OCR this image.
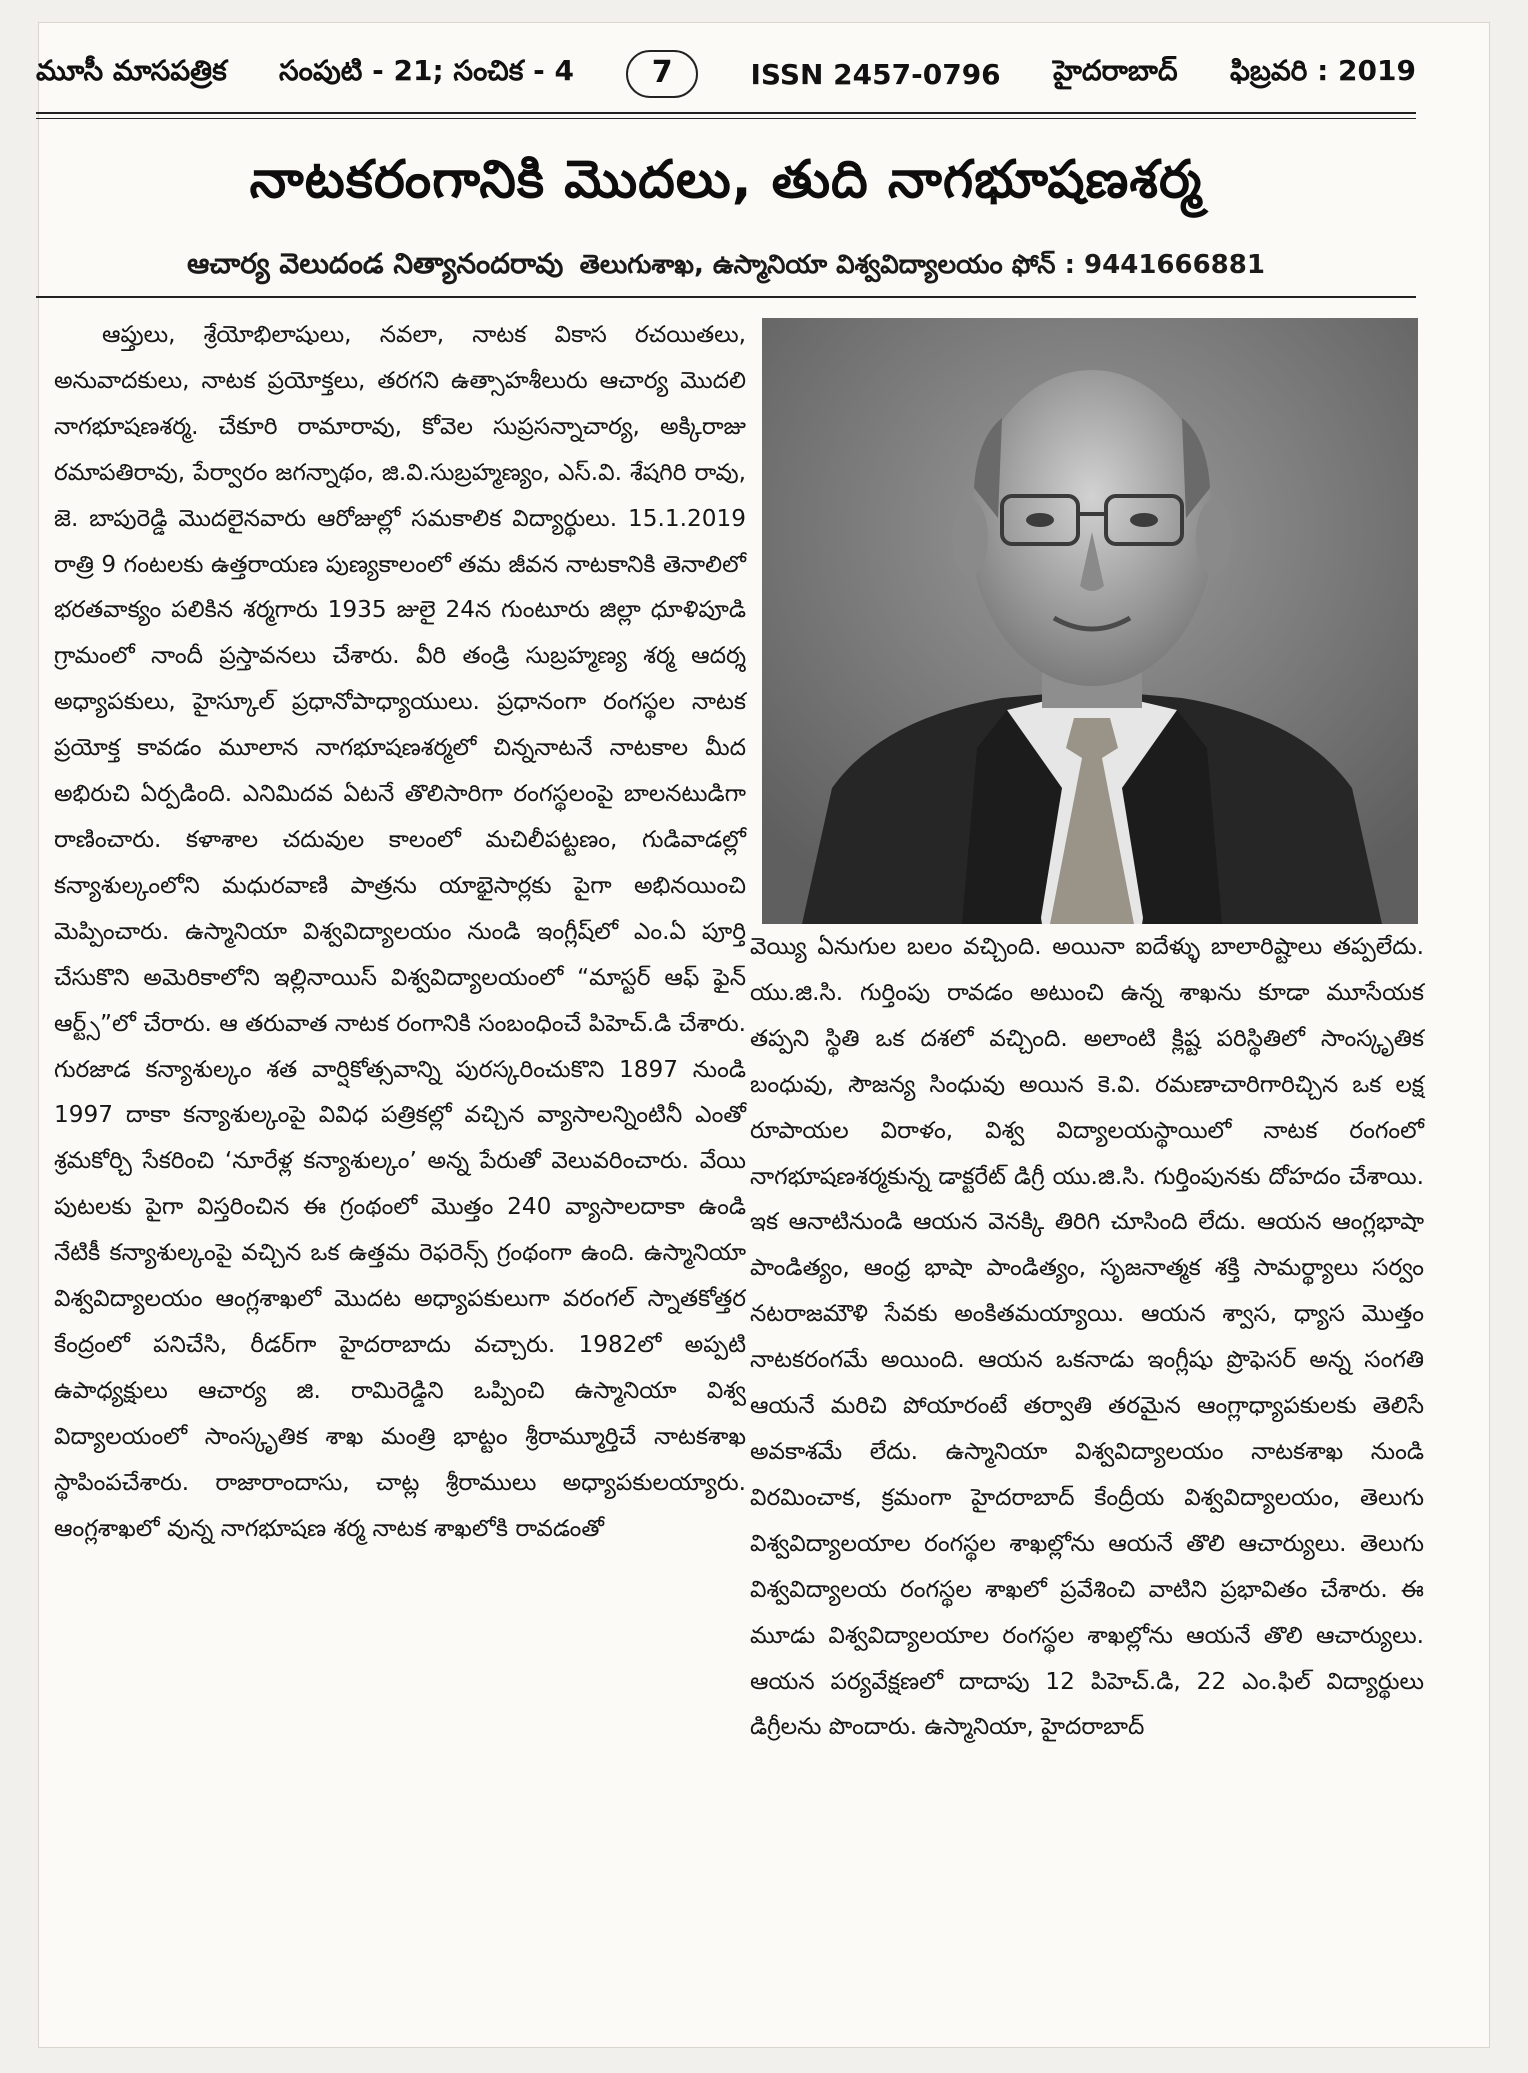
మూసీ మాసపత్రిక సంపుటి - 21; సంచిక - 4	7	ISSN 2457-0796 హైదరాబాద్ ఫిబ్రవరి : 2019
నాటకరంగానికి మొదలు, తుది నాగభూషణశర్మ
ఆచార్య వెలుదండ నిత్యానందరావు తెలుగుశాఖ, ఉస్మానియా విశ్వవిద్యాలయం ఫోన్ : 9441666881

ఆప్తులు, శ్రేయోభిలాషులు, నవలా, నాటక వికాస రచయితలు, అనువాదకులు, నాటక ప్రయోక్తలు, తరగని ఉత్సాహశీలురు ఆచార్య మొదలి నాగభూషణశర్మ. చేకూరి రామారావు, కోవెల సుప్రసన్నాచార్య, అక్కిరాజు రమాపతిరావు, పేర్వారం జగన్నాథం, జి.వి.సుబ్రహ్మణ్యం, ఎస్.వి. శేషగిరి రావు, జె. బాపురెడ్డి మొదలైనవారు ఆరోజుల్లో సమకాలిక విద్యార్థులు. 15.1.2019 రాత్రి 9 గంటలకు ఉత్తరాయణ పుణ్యకాలంలో తమ జీవన నాటకానికి తెనాలిలో భరతవాక్యం పలికిన శర్మగారు 1935 జులై 24న గుంటూరు జిల్లా ధూళిపూడి గ్రామంలో నాందీ ప్రస్తావనలు చేశారు. వీరి తండ్రి సుబ్రహ్మణ్య శర్మ ఆదర్శ అధ్యాపకులు, హైస్కూల్ ప్రధానోపాధ్యాయులు. ప్రధానంగా రంగస్థల నాటక ప్రయోక్త కావడం మూలాన నాగభూషణశర్మలో చిన్ననాటనే నాటకాల మీద అభిరుచి ఏర్పడింది. ఎనిమిదవ ఏటనే తొలిసారిగా రంగస్థలంపై బాలనటుడిగా రాణించారు. కళాశాల చదువుల కాలంలో మచిలీపట్టణం, గుడివాడల్లో కన్యాశుల్కంలోని మధురవాణి పాత్రను యాభైసార్లకు పైగా అభినయించి మెప్పించారు. ఉస్మానియా విశ్వవిద్యాలయం నుండి ఇంగ్లీష్‌లో ఎం.ఏ పూర్తి చేసుకొని అమెరికాలోని ఇల్లినాయిస్ విశ్వవిద్యాలయంలో “మాస్టర్ ఆఫ్ ఫైన్ ఆర్ట్స్”లో చేరారు. ఆ తరువాత నాటక రంగానికి సంబంధించే పిహెచ్.డి చేశారు. గురజాడ కన్యాశుల్కం శత వార్షికోత్సవాన్ని పురస్కరించుకొని 1897 నుండి 1997 దాకా కన్యాశుల్కంపై వివిధ పత్రికల్లో వచ్చిన వ్యాసాలన్నింటినీ ఎంతో శ్రమకోర్చి సేకరించి ‘నూరేళ్ల కన్యాశుల్కం’ అన్న పేరుతో వెలువరించారు. వేయి పుటలకు పైగా విస్తరించిన ఈ గ్రంథంలో మొత్తం 240 వ్యాసాలదాకా ఉండి నేటికీ కన్యాశుల్కంపై వచ్చిన ఒక ఉత్తమ రెఫరెన్స్ గ్రంథంగా ఉంది. ఉస్మానియా విశ్వవిద్యాలయం ఆంగ్లశాఖలో మొదట అధ్యాపకులుగా వరంగల్ స్నాతకోత్తర కేంద్రంలో పనిచేసి, రీడర్‌గా హైదరాబాదు వచ్చారు. 1982లో అప్పటి ఉపాధ్యక్షులు ఆచార్య జి. రామిరెడ్డిని ఒప్పించి ఉస్మానియా విశ్వ విద్యాలయంలో సాంస్కృతిక శాఖ మంత్రి భాట్టం శ్రీరామ్మూర్తిచే నాటకశాఖ స్థాపింపచేశారు. రాజారాందాసు, చాట్ల శ్రీరాములు అధ్యాపకులయ్యారు. ఆంగ్లశాఖలో వున్న నాగభూషణ శర్మ నాటక శాఖలోకి రావడంతో

వెయ్యి ఏనుగుల బలం వచ్చింది. అయినా ఐదేళ్ళు బాలారిష్టాలు తప్పలేదు. యు.జి.సి. గుర్తింపు రావడం అటుంచి ఉన్న శాఖను కూడా మూసేయక తప్పని స్థితి ఒక దశలో వచ్చింది. అలాంటి క్లిష్ట పరిస్థితిలో సాంస్కృతిక బంధువు, సౌజన్య సింధువు అయిన కె.వి. రమణాచారిగారిచ్చిన ఒక లక్ష రూపాయల విరాళం, విశ్వ విద్యాలయస్థాయిలో నాటక రంగంలో నాగభూషణశర్మకున్న డాక్టరేట్ డిగ్రీ యు.జి.సి. గుర్తింపునకు దోహదం చేశాయి. ఇక ఆనాటినుండి ఆయన వెనక్కి తిరిగి చూసింది లేదు. ఆయన ఆంగ్లభాషా పాండిత్యం, ఆంధ్ర భాషా పాండిత్యం, సృజనాత్మక శక్తి సామర్థ్యాలు సర్వం నటరాజమౌళి సేవకు అంకితమయ్యాయి. ఆయన శ్వాస, ధ్యాస మొత్తం నాటకరంగమే అయింది. ఆయన ఒకనాడు ఇంగ్లీషు ప్రొఫెసర్ అన్న సంగతి ఆయనే మరిచి పోయారంటే తర్వాతి తరమైన ఆంగ్లాధ్యాపకులకు తెలిసే అవకాశమే లేదు. ఉస్మానియా విశ్వవిద్యాలయం నాటకశాఖ నుండి విరమించాక, క్రమంగా హైదరాబాద్ కేంద్రీయ విశ్వవిద్యాలయం, తెలుగు విశ్వవిద్యాలయాల రంగస్థల శాఖల్లోను ఆయనే తొలి ఆచార్యులు. తెలుగు విశ్వవిద్యాలయ రంగస్థల శాఖలో ప్రవేశించి వాటిని ప్రభావితం చేశారు. ఈ మూడు విశ్వవిద్యాలయాల రంగస్థల శాఖల్లోను ఆయనే తొలి ఆచార్యులు. ఆయన పర్యవేక్షణలో దాదాపు 12 పిహెచ్.డి, 22 ఎం.ఫిల్ విద్యార్థులు డిగ్రీలను పొందారు. ఉస్మానియా, హైదరాబాద్
